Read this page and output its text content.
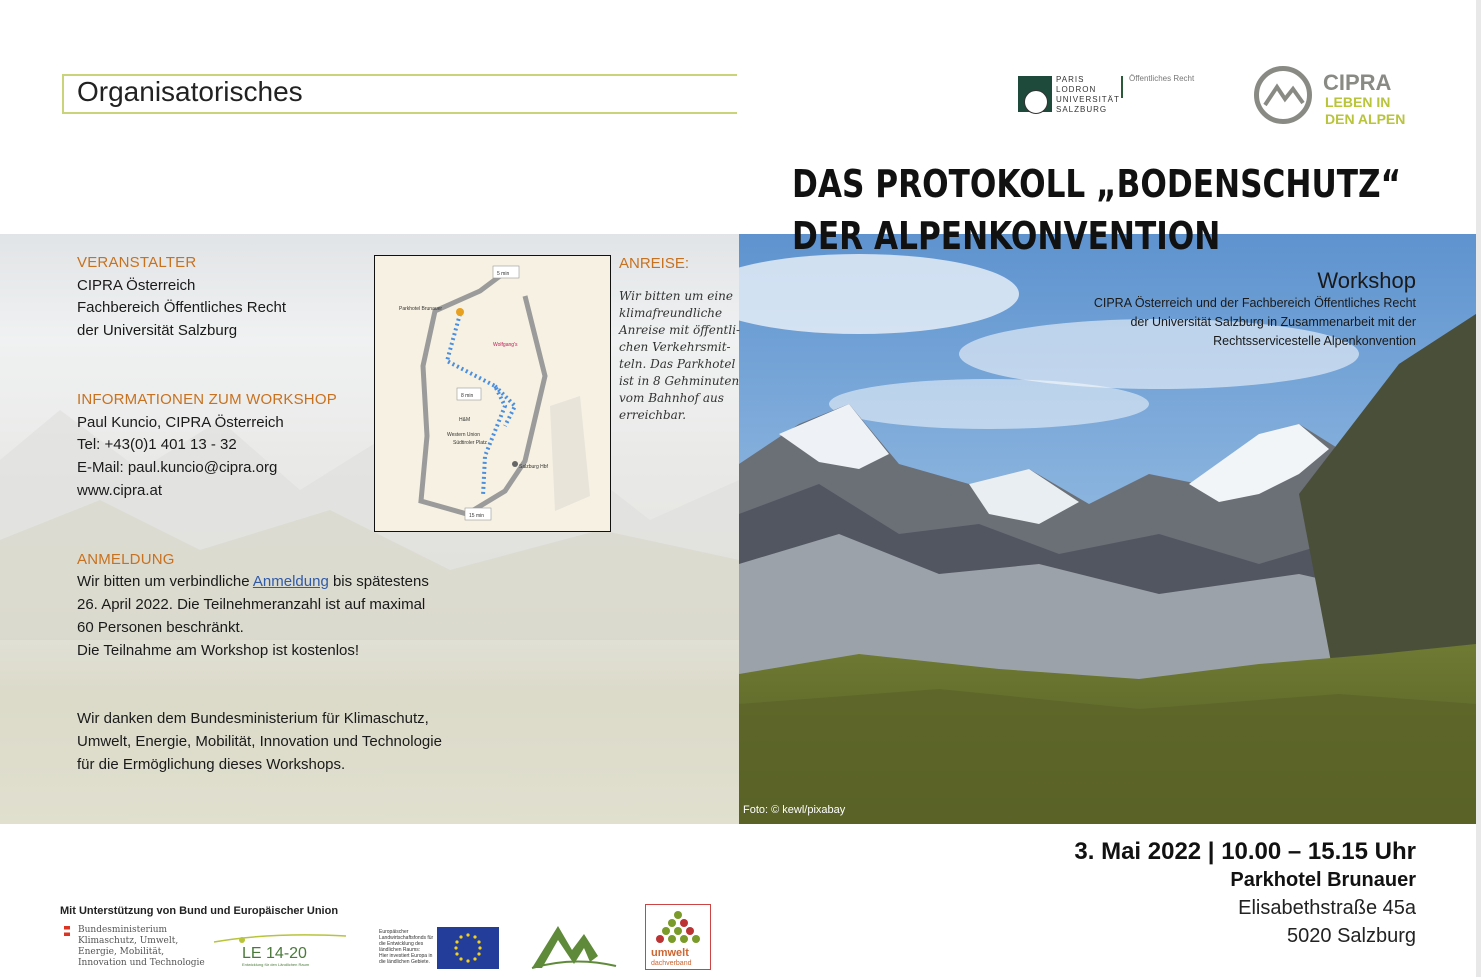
Organisatorisches	PARIS
LODRON
UNIVERSITÄT
SALZBURG
Öffentliches Recht	CIPRA
LEBEN IN
DEN ALPEN
Foto: © kewl/pixabay
DAS PROTOKOLL „BODENSCHUTZ“
DER ALPENKONVENTION
Workshop
CIPRA Österreich und der Fachbereich Öffentliches Recht
der Universität Salzburg in Zusammenarbeit mit der
Rechtsservicestelle Alpenkonvention
VERANSTALTER
CIPRA Österreich
Fachbereich Öffentliches Recht
der Universität Salzburg
INFORMATIONEN ZUM WORKSHOP
Paul Kuncio, CIPRA Österreich
Tel: +43(0)1 401 13 - 32
E-Mail: paul.kuncio@cipra.org
www.cipra.at
ANMELDUNG
Wir bitten um verbindliche Anmeldung bis spätestens
26. April 2022. Die Teilnehmeranzahl ist auf maximal
60 Personen beschränkt.
Die Teilnahme am Workshop ist kostenlos!
Wir danken dem Bundesministerium für Klimaschutz,
Umwelt, Energie, Mobilität, Innovation und Technologie
für die Ermöglichung dieses Workshops.
5 min
Parkhotel Brunauer
Wolfgang's
8 min
Salzburg Hbf
15 min
H&M
Südtiroler Platz
Western Union
ANREISE:
Wir bitten um eine
klimafreundliche
Anreise mit öffentli-
chen Verkehrsmit-
teln. Das Parkhotel
ist in 8 Gehminuten
vom Bahnhof aus
erreichbar.
3. Mai 2022 | 10.00 – 15.15 Uhr
Parkhotel Brunauer
Elisabethstraße 45a
5020 Salzburg
Mit Unterstützung von Bund und Europäischer Union
Bundesministerium
Klimaschutz, Umwelt,
Energie, Mobilität,
Innovation und Technologie
LE 14-20
Entwicklung für den Ländlichen Raum
Europäischer
Landwirtschaftsfonds für
die Entwicklung des
ländlichen Raums:
Hier investiert Europa in
die ländlichen Gebiete.
umwelt
dachverband
